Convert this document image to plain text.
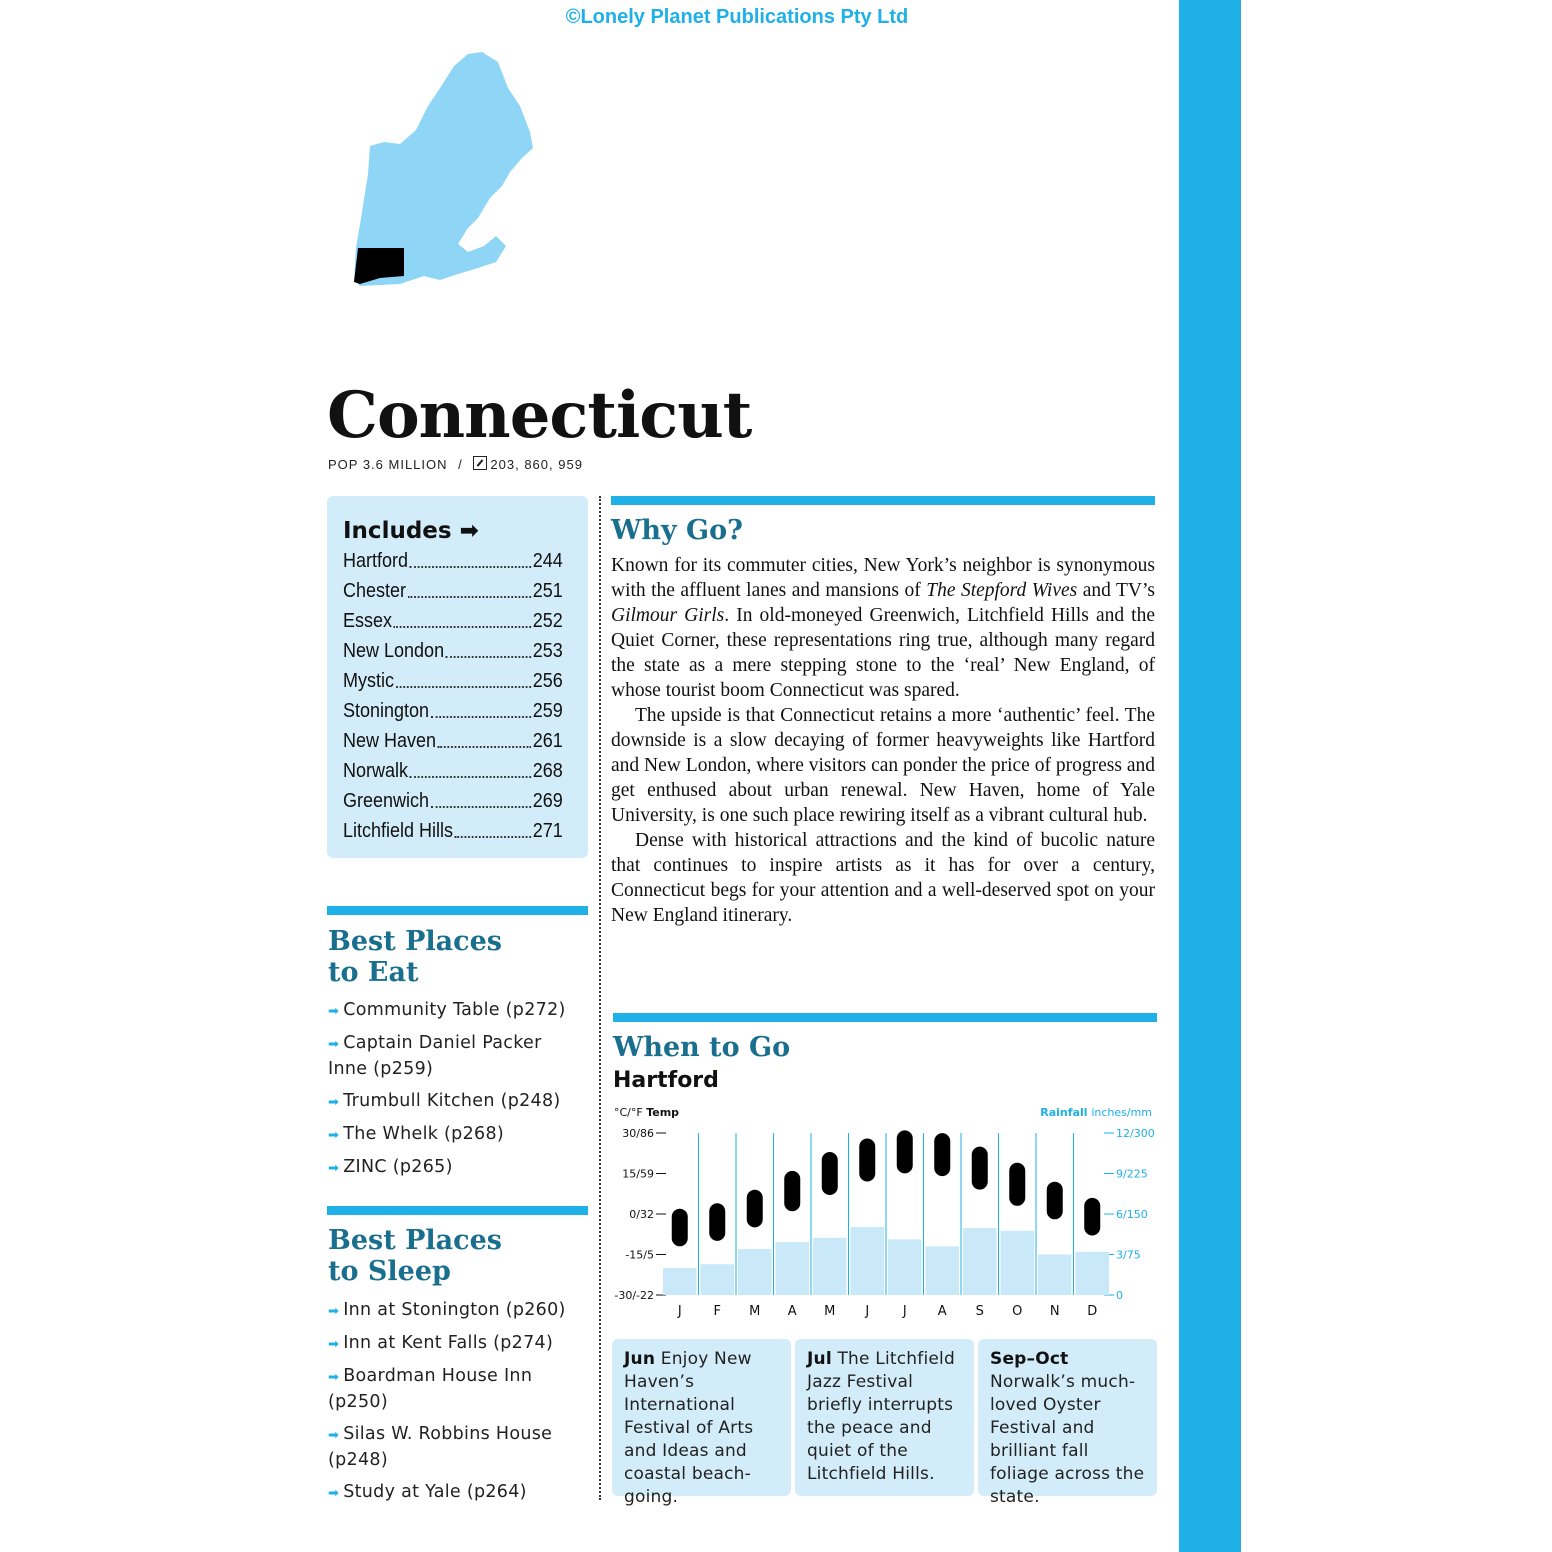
©Lonely Planet Publications Pty Ltd
Connecticut
POP 3.6 MILLION / 203, 860, 959
Includes ➡
Hartford	244
Chester	251
Essex	252
New London	253
Mystic	256
Stonington	259
New Haven	261
Norwalk	268
Greenwich	269
Litchfield Hills	271
Best Places
to Eat
➡ Community Table (p272)
➡ Captain Daniel Packer Inne (p259)
➡ Trumbull Kitchen (p248)
➡ The Whelk (p268)
➡ ZINC (p265)
Best Places
to Sleep
➡ Inn at Stonington (p260)
➡ Inn at Kent Falls (p274)
➡ Boardman House Inn (p250)
➡ Silas W. Robbins House (p248)
➡ Study at Yale (p264)
Why Go?

Known for its commuter cities, New York’s neighbor is synonymous with the affluent lanes and mansions of The Stepford Wives and TV’s Gilmour Girls. In old-moneyed Greenwich, Litchfield Hills and the Quiet Corner, these representations ring true, although many regard the state as a mere stepping stone to the ‘real’ New England, of whose tourist boom Connecticut was spared.

The upside is that Connecticut retains a more ‘authentic’ feel. The downside is a slow decaying of former heavyweights like Hartford and New London, where visitors can ponder the price of progress and get enthused about urban renewal. New Haven, home of Yale University, is one such place rewiring itself as a vibrant cultural hub.

Dense with historical attractions and the kind of bucolic nature that continues to inspire artists as it has for over a century, Connecticut begs for your attention and a well-deserved spot on your New England itinerary.

When to Go
Hartford
°C/°F Temp	Rainfall inches/mm
30/86
15/59
0/32
-15/5
-30/-22
12/300
9/225
6/150
3/75
0
J F M A M J	J A S O N D
Jun Enjoy New Haven’s International Festival of Arts and Ideas and coastal beach-going.
Jul The Litchfield Jazz Festival briefly interrupts the peace and quiet of the Litchfield Hills.
Sep–Oct Norwalk’s much-loved Oyster Festival and brilliant fall foliage across the state.
